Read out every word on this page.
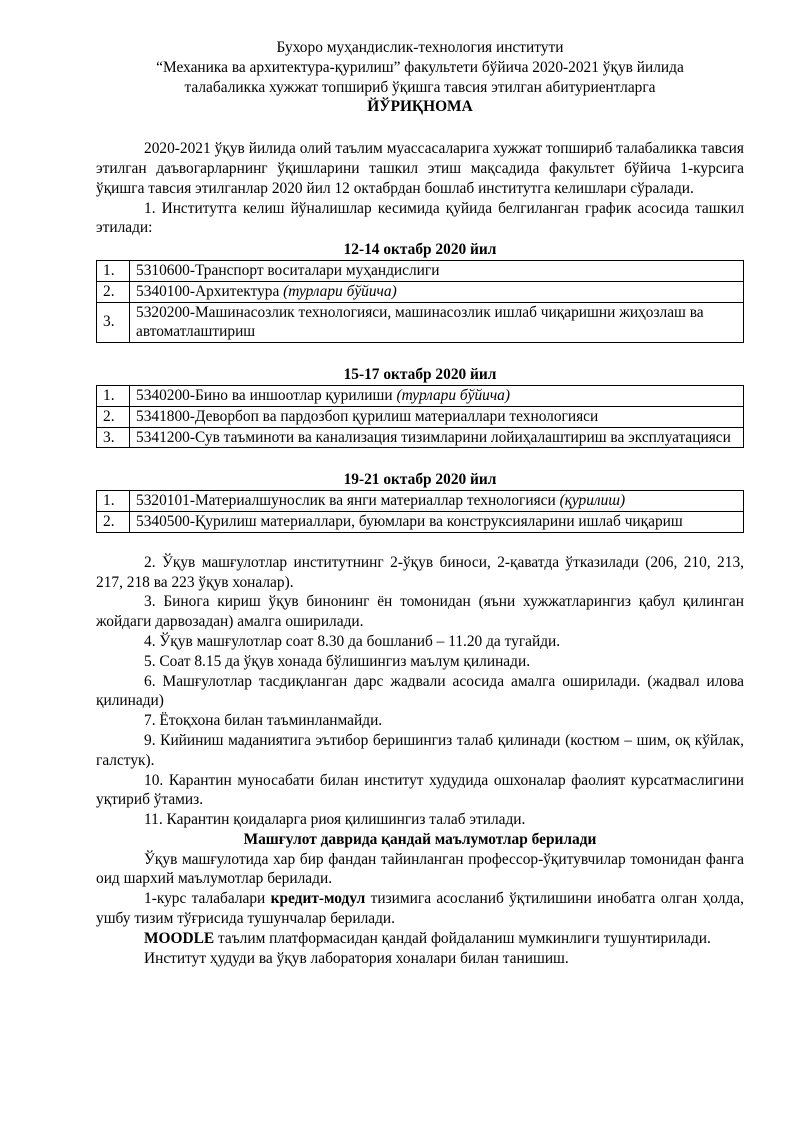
Бухоро муҳандислик-технология институти

“Механика ва архитектура-қурилиш” факультети бўйича 2020-2021 ўқув йилида

талабаликка хужжат топшириб ўқишга тавсия этилган абитуриентларга

ЙЎРИҚНОМА

2020-2021 ўқув йилида олий таълим муассасаларига хужжат топшириб талабаликка тавсия этилган даъвогарларнинг ўқишларини ташкил этиш мақсадида факультет бўйича 1-курсига ўқишга тавсия этилганлар 2020 йил 12 октабрдан бошлаб институтга келишлари сўралади.

1. Институтга келиш йўналишлар кесимида қуйида белгиланган график асосида ташкил этилади:

12-14 октабр 2020 йил

1.	5310600-Транспорт воситалари муҳандислиги
2.	5340100-Архитектура (турлари бўйича)
3.	5320200-Машинасозлик технологияси, машинасозлик ишлаб чиқаришни жиҳозлаш ва автоматлаштириш

15-17 октабр 2020 йил

1.	5340200-Бино ва иншоотлар қурилиши (турлари бўйича)
2.	5341800-Деворбоп ва пардозбоп қурилиш материаллари технологияси
3.	5341200-Сув таъминоти ва канализация тизимларини лойиҳалаштириш ва эксплуатацияси

19-21 октабр 2020 йил

1.	5320101-Материалшунослик ва янги материаллар технологияси (қурилиш)
2.	5340500-Қурилиш материаллари, буюмлари ва конструксияларини ишлаб чиқариш

2. Ўқув машғулотлар институтнинг 2-ўқув биноси, 2-қаватда ўтказилади (206, 210, 213, 217, 218 ва 223 ўқув хоналар).

3. Бинога кириш ўқув бинонинг ён томонидан (яъни хужжатларингиз қабул қилинган жойдаги дарвозадан) амалга оширилади.

4. Ўқув машғулотлар соат 8.30 да бошланиб – 11.20 да тугайди.

5. Соат 8.15 да ўқув хонада бўлишингиз маълум қилинади.

6. Машғулотлар тасдиқланган дарс жадвали асосида амалга оширилади. (жадвал илова қилинади)

7. Ётоқхона билан таъминланмайди.

9. Кийиниш маданиятига эътибор беришингиз талаб қилинади (костюм – шим, оқ кўйлак, галстук).

10. Карантин муносабати билан институт худудида ошхоналар фаолият курсатмаслигини уқтириб ўтамиз.

11. Карантин қоидаларга риоя қилишингиз талаб этилади.

Машғулот даврида қандай маълумотлар берилади

Ўқув машғулотида хар бир фандан тайинланган профессор-ўқитувчилар томонидан фанга оид шархий маълумотлар берилади.

1-курс талабалари кредит-модул тизимига асосланиб ўқтилишини инобатга олган ҳолда, ушбу тизим тўғрисида тушунчалар берилади.

MOODLE таълим платформасидан қандай фойдаланиш мумкинлиги тушунтирилади.

Институт ҳудуди ва ўқув лаборатория хоналари билан танишиш.
